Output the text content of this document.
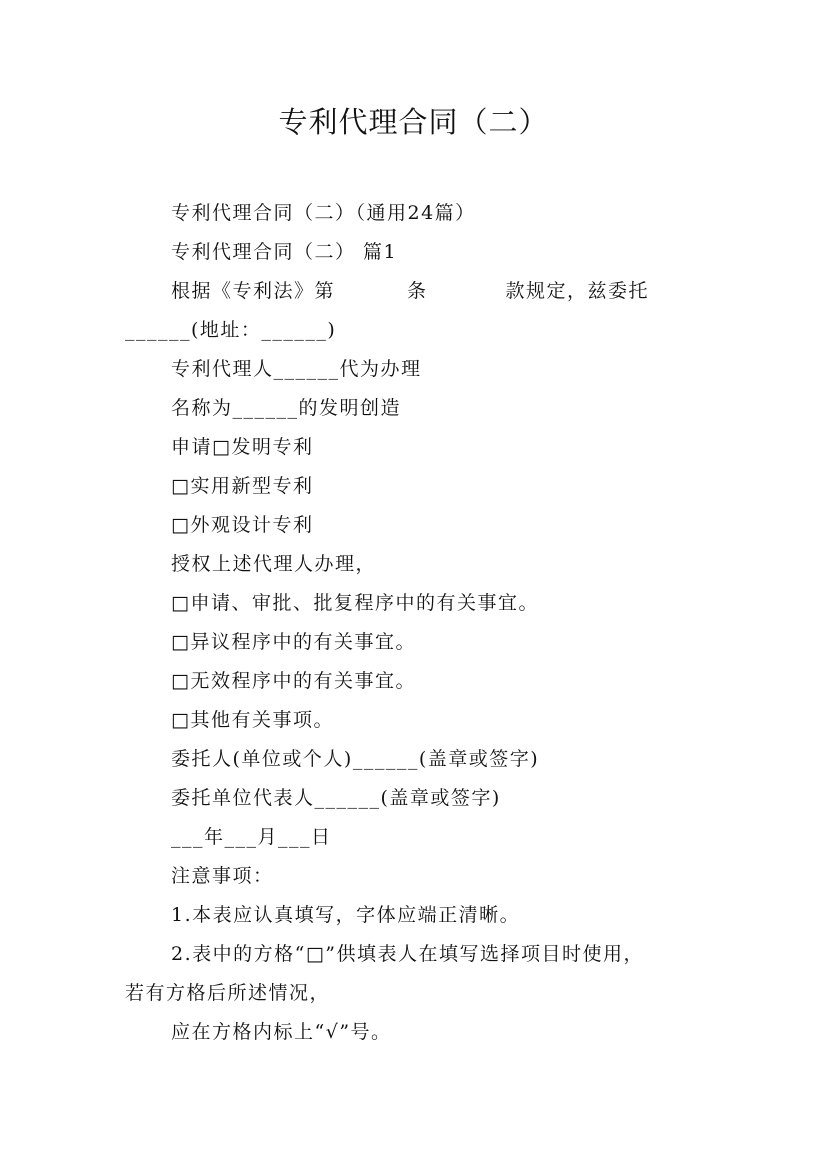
专利代理合同（二）

专利代理合同（二）（通用24篇）

专利代理合同（二） 篇1

根据《专利法》第	条	款规定，兹委托

______(地址：______)

专利代理人______代为办理

名称为______的发明创造

申请□发明专利

□实用新型专利

□外观设计专利

授权上述代理人办理，

□申请、审批、批复程序中的有关事宜。

□异议程序中的有关事宜。

□无效程序中的有关事宜。

□其他有关事项。

委托人(单位或个人)______(盖章或签字)

委托单位代表人______(盖章或签字)

___年___月___日

注意事项：

1.本表应认真填写，字体应端正清晰。

2.表中的方格“□”供填表人在填写选择项目时使用，

若有方格后所述情况，

应在方格内标上“√”号。
